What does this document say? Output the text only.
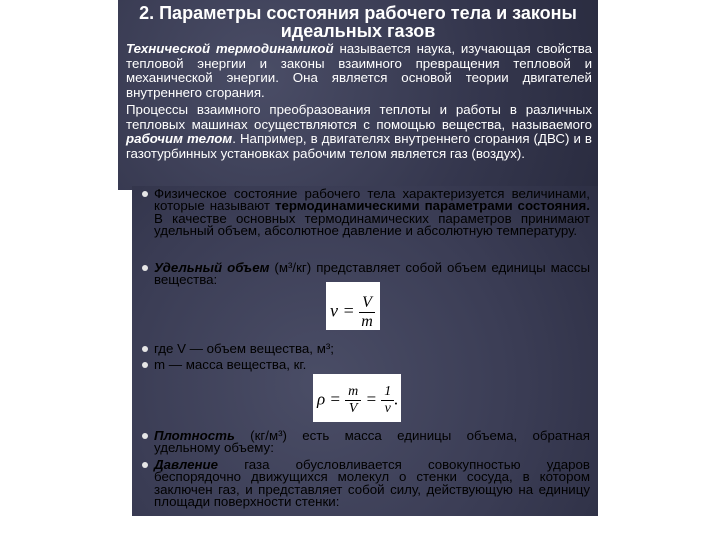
2. Параметры состояния рабочего тела и законы
идеальных газов
Технической термодинамикой называется наука, изучающая свойства тепловой энергии и законы взаимного превращения тепловой и механической энергии. Она является основой теории двигателей внутреннего сгорания.
Процессы взаимного преобразования теплоты и работы в различных тепловых машинах осуществляются с помощью вещества, называемого рабочим телом. Например, в двигателях внутреннего сгорания (ДВС) и в газотурбинных установках рабочим телом является газ (воздух).
Физическое состояние рабочего тела характеризуется величинами, которые называют термодинамическими параметрами состояния. В качестве основных термодинамических параметров принимают удельный объем, абсолютное давление и абсолютную температуру.
Удельный объем (м³/кг) представляет собой объем единицы массы вещества:
$v = \frac{V}{m}$
где V — объем вещества, м³;
m — масса вещества, кг.
$\rho = \frac{m}{V} = \frac{1}{v}$ .
Плотность (кг/м³) есть масса единицы объема, обратная удельному объему:
Давление газа обусловливается совокупностью ударов беспорядочно движущихся молекул о стенки сосуда, в котором заключен газ, и представляет собой силу, действующую на единицу площади поверхности стенки:
